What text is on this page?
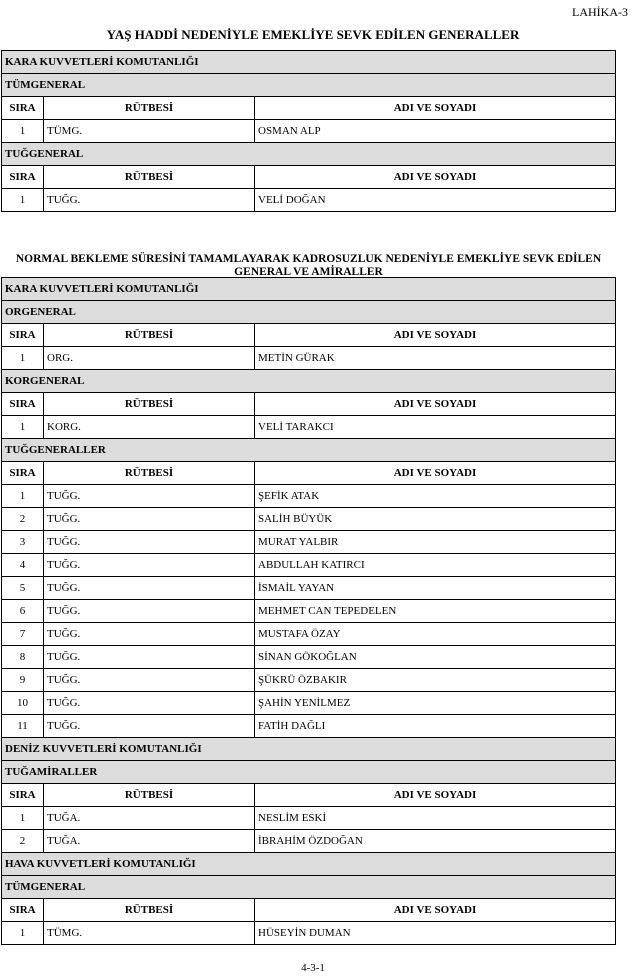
LAHİKA-3
YAŞ HADDİ NEDENİYLE EMEKLİYE SEVK EDİLEN GENERALLER
KARA KUVVETLERİ KOMUTANLIĞI
TÜMGENERAL
SIRA	RÜTBESİ	ADI VE SOYADI
1	TÜMG.	OSMAN ALP
TUĞGENERAL
SIRA	RÜTBESİ	ADI VE SOYADI
1	TUĞG.	VELİ DOĞAN
NORMAL BEKLEME SÜRESİNİ TAMAMLAYARAK KADROSUZLUK NEDENİYLE EMEKLİYE SEVK EDİLEN
GENERAL VE AMİRALLER
KARA KUVVETLERİ KOMUTANLIĞI
ORGENERAL
SIRA	RÜTBESİ	ADI VE SOYADI
1	ORG.	METİN GÜRAK
KORGENERAL
SIRA	RÜTBESİ	ADI VE SOYADI
1	KORG.	VELİ TARAKCI
TUĞGENERALLER
SIRA	RÜTBESİ	ADI VE SOYADI
1	TUĞG.	ŞEFİK ATAK
2	TUĞG.	SALİH BÜYÜK
3	TUĞG.	MURAT YALBIR
4	TUĞG.	ABDULLAH KATIRCI
5	TUĞG.	İSMAİL YAYAN
6	TUĞG.	MEHMET CAN TEPEDELEN
7	TUĞG.	MUSTAFA ÖZAY
8	TUĞG.	SİNAN GÖKOĞLAN
9	TUĞG.	ŞÜKRÜ ÖZBAKIR
10	TUĞG.	ŞAHİN YENİLMEZ
11	TUĞG.	FATİH DAĞLI
DENİZ KUVVETLERİ KOMUTANLIĞI
TUĞAMİRALLER
SIRA	RÜTBESİ	ADI VE SOYADI
1	TUĞA.	NESLİM ESKİ
2	TUĞA.	İBRAHİM ÖZDOĞAN
HAVA KUVVETLERİ KOMUTANLIĞI
TÜMGENERAL
SIRA	RÜTBESİ	ADI VE SOYADI
1	TÜMG.	HÜSEYİN DUMAN
4-3-1
